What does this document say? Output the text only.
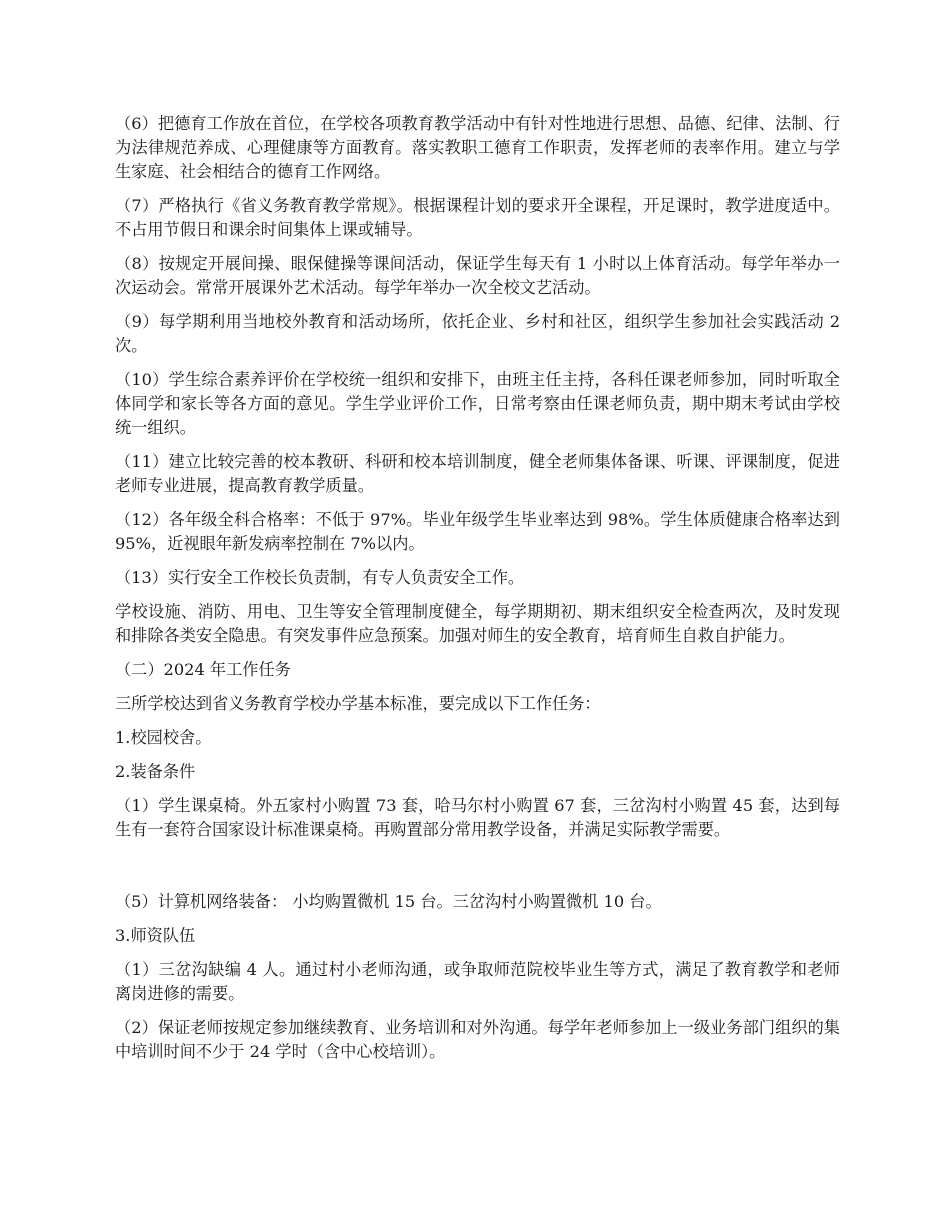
（6）把德育工作放在首位，在学校各项教育教学活动中有针对性地进行思想、品德、纪律、法制、行为法律规范养成、心理健康等方面教育。落实教职工德育工作职责，发挥老师的表率作用。建立与学生家庭、社会相结合的德育工作网络。

（7）严格执行《省义务教育教学常规》。根据课程计划的要求开全课程，开足课时，教学进度适中。不占用节假日和课余时间集体上课或辅导。

（8）按规定开展间操、眼保健操等课间活动，保证学生每天有 1 小时以上体育活动。每学年举办一次运动会。常常开展课外艺术活动。每学年举办一次全校文艺活动。

（9）每学期利用当地校外教育和活动场所，依托企业、乡村和社区，组织学生参加社会实践活动 2 次。

（10）学生综合素养评价在学校统一组织和安排下，由班主任主持，各科任课老师参加，同时听取全体同学和家长等各方面的意见。学生学业评价工作，日常考察由任课老师负责，期中期末考试由学校统一组织。

（11）建立比较完善的校本教研、科研和校本培训制度，健全老师集体备课、听课、评课制度，促进老师专业进展，提高教育教学质量。

（12）各年级全科合格率：不低于 97%。毕业年级学生毕业率达到 98%。学生体质健康合格率达到 95%，近视眼年新发病率控制在 7%以内。

（13）实行安全工作校长负责制，有专人负责安全工作。

学校设施、消防、用电、卫生等安全管理制度健全，每学期期初、期末组织安全检查两次，及时发现和排除各类安全隐患。有突发事件应急预案。加强对师生的安全教育，培育师生自救自护能力。

（二）2024 年工作任务

三所学校达到省义务教育学校办学基本标准，要完成以下工作任务：

1.校园校舍。

2.装备条件

（1）学生课桌椅。外五家村小购置 73 套，哈马尔村小购置 67 套，三岔沟村小购置 45 套，达到每生有一套符合国家设计标准课桌椅。再购置部分常用教学设备，并满足实际教学需要。

（5）计算机网络装备： 小均购置微机 15 台。三岔沟村小购置微机 10 台。

3.师资队伍

（1）三岔沟缺编 4 人。通过村小老师沟通，或争取师范院校毕业生等方式，满足了教育教学和老师离岗进修的需要。

（2）保证老师按规定参加继续教育、业务培训和对外沟通。每学年老师参加上一级业务部门组织的集中培训时间不少于 24 学时（含中心校培训）。
